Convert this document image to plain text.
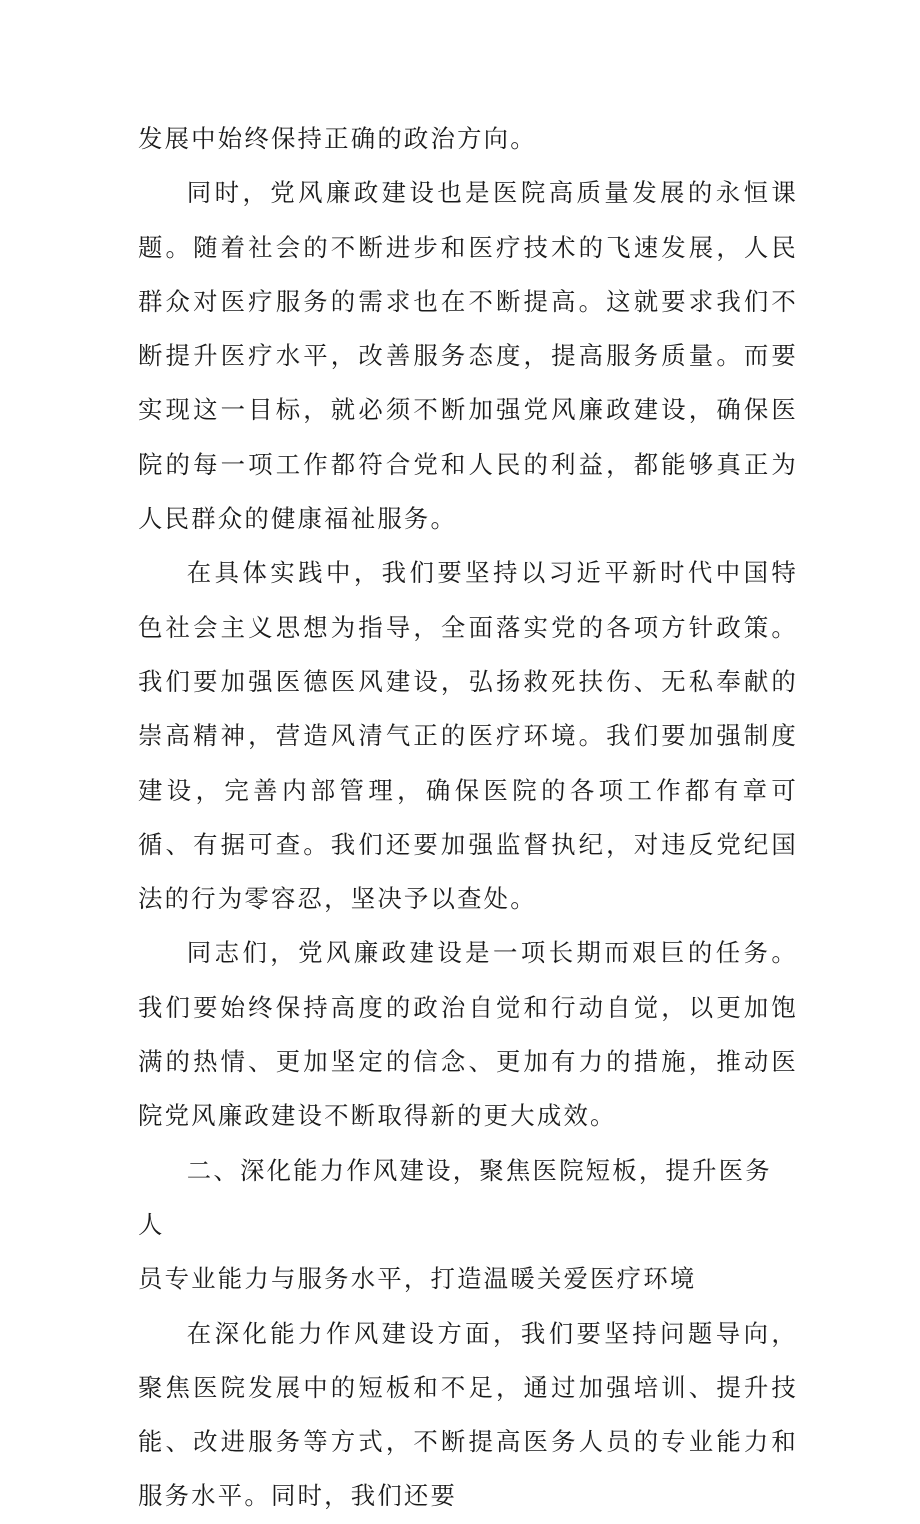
发展中始终保持正确的政治方向。

同时，党风廉政建设也是医院高质量发展的永恒课题。随着社会的不断进步和医疗技术的飞速发展，人民群众对医疗服务的需求也在不断提高。这就要求我们不断提升医疗水平，改善服务态度，提高服务质量。而要实现这一目标，就必须不断加强党风廉政建设，确保医院的每一项工作都符合党和人民的利益，都能够真正为人民群众的健康福祉服务。

在具体实践中，我们要坚持以习近平新时代中国特色社会主义思想为指导，全面落实党的各项方针政策。我们要加强医德医风建设，弘扬救死扶伤、无私奉献的崇高精神，营造风清气正的医疗环境。我们要加强制度建设，完善内部管理，确保医院的各项工作都有章可循、有据可查。我们还要加强监督执纪，对违反党纪国法的行为零容忍，坚决予以查处。

同志们，党风廉政建设是一项长期而艰巨的任务。我们要始终保持高度的政治自觉和行动自觉，以更加饱满的热情、更加坚定的信念、更加有力的措施，推动医院党风廉政建设不断取得新的更大成效。

二、深化能力作风建设，聚焦医院短板，提升医务人
员专业能力与服务水平，打造温暖关爱医疗环境

在深化能力作风建设方面，我们要坚持问题导向，聚焦医院发展中的短板和不足，通过加强培训、提升技能、改进服务等方式，不断提高医务人员的专业能力和服务水平。同时，我们还要
